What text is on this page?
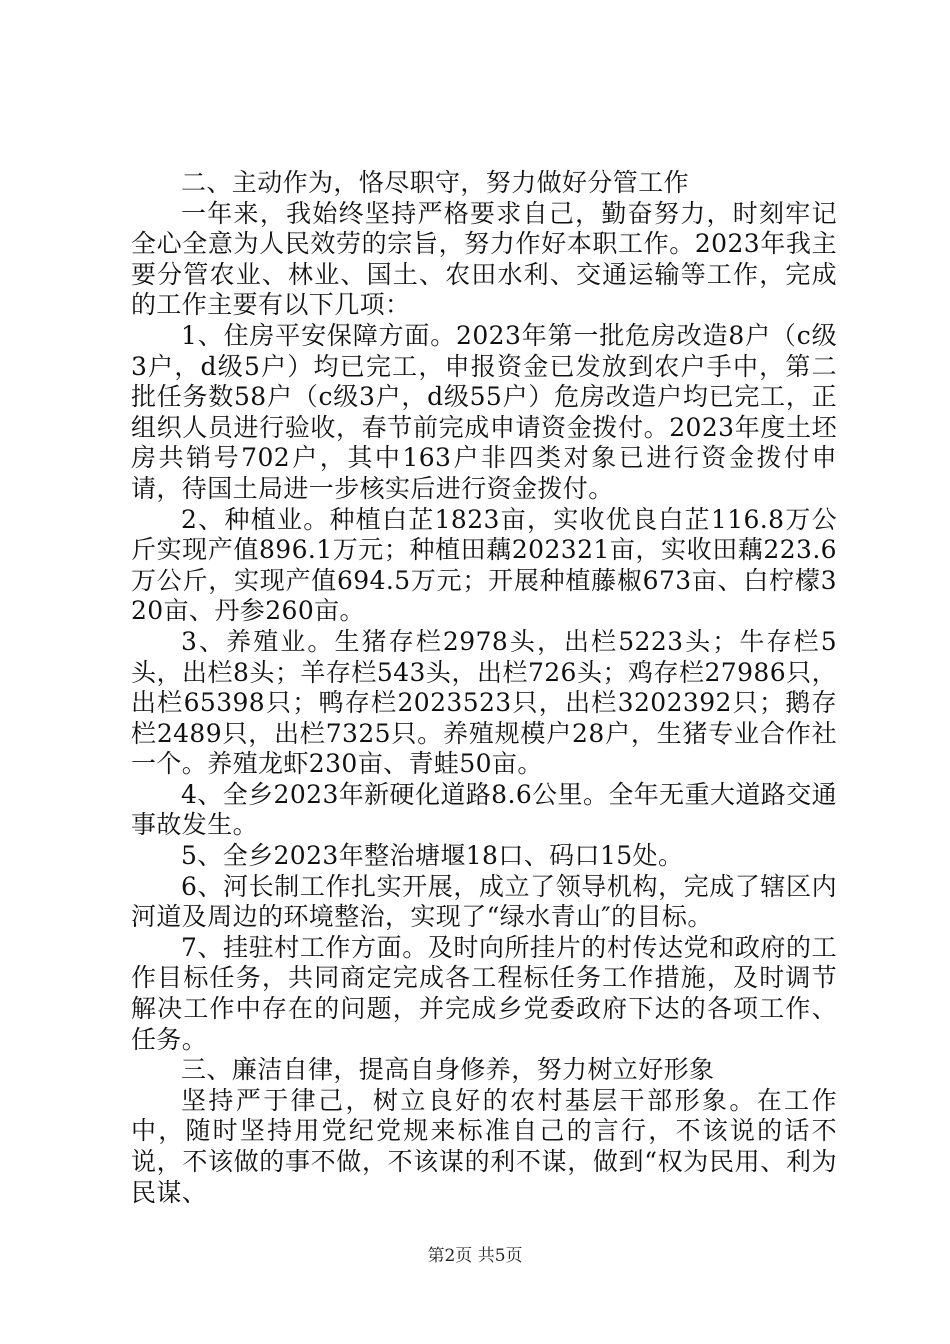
二、主动作为，恪尽职守，努力做好分管工作

一年来，我始终坚持严格要求自己，勤奋努力，时刻牢记全心全意为人民效劳的宗旨，努力作好本职工作。2023年我主要分管农业、林业、国土、农田水利、交通运输等工作，完成的工作主要有以下几项：

1、住房平安保障方面。2023年第一批危房改造8户（c级3户，d级5户）均已完工，申报资金已发放到农户手中，第二批任务数58户（c级3户，d级55户）危房改造户均已完工，正组织人员进行验收，春节前完成申请资金拨付。2023年度土坯房共销号702户，其中163户非四类对象已进行资金拨付申请，待国土局进一步核实后进行资金拨付。

2、种植业。种植白芷1823亩，实收优良白芷116.8万公斤实现产值896.1万元；种植田藕202321亩，实收田藕223.6万公斤，实现产值694.5万元；开展种植藤椒673亩、白柠檬320亩、丹参260亩。

3、养殖业。生猪存栏2978头，出栏5223头；牛存栏5头，出栏8头；羊存栏543头，出栏726头；鸡存栏27986只，出栏65398只；鸭存栏2023523只，出栏3202392只；鹅存栏2489只，出栏7325只。养殖规模户28户，生猪专业合作社一个。养殖龙虾230亩、青蛙50亩。

4、全乡2023年新硬化道路8.6公里。全年无重大道路交通事故发生。

5、全乡2023年整治塘堰18口、码口15处。

6、河长制工作扎实开展，成立了领导机构，完成了辖区内河道及周边的环境整治，实现了“绿水青山″的目标。

7、挂驻村工作方面。及时向所挂片的村传达党和政府的工作目标任务，共同商定完成各工程标任务工作措施，及时调节解决工作中存在的问题，并完成乡党委政府下达的各项工作、任务。

三、廉洁自律，提高自身修养，努力树立好形象

坚持严于律己，树立良好的农村基层干部形象。在工作中，随时坚持用党纪党规来标准自己的言行，不该说的话不说，不该做的事不做，不该谋的利不谋，做到“权为民用、利为民谋、

第2页 共5页
